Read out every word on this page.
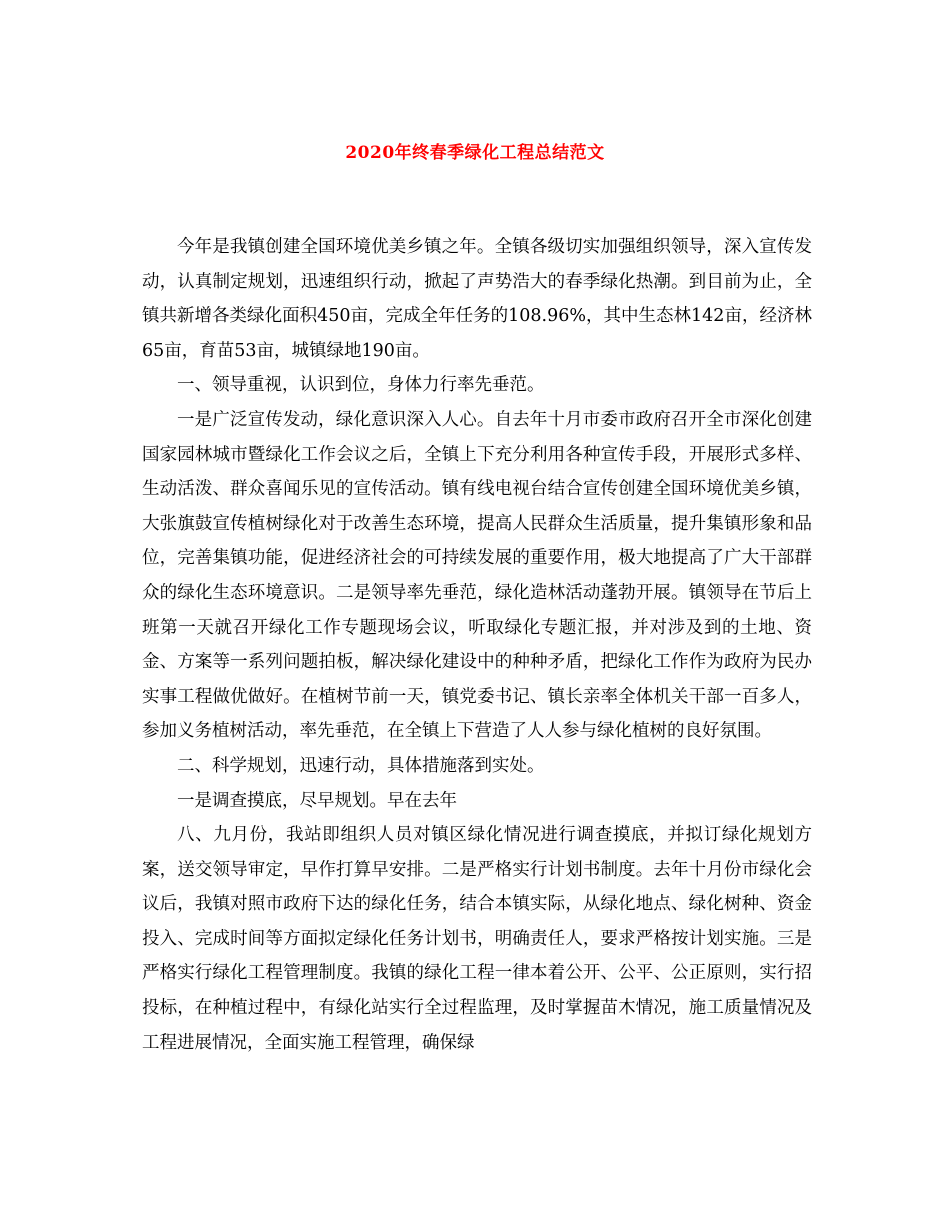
2020年终春季绿化工程总结范文

今年是我镇创建全国环境优美乡镇之年。全镇各级切实加强组织领导，深入宣传发动，认真制定规划，迅速组织行动，掀起了声势浩大的春季绿化热潮。到目前为止，全镇共新增各类绿化面积450亩，完成全年任务的108.96%，其中生态林142亩，经济林65亩，育苗53亩，城镇绿地190亩。

一、领导重视，认识到位，身体力行率先垂范。

一是广泛宣传发动，绿化意识深入人心。自去年十月市委市政府召开全市深化创建国家园林城市暨绿化工作会议之后，全镇上下充分利用各种宣传手段，开展形式多样、生动活泼、群众喜闻乐见的宣传活动。镇有线电视台结合宣传创建全国环境优美乡镇，大张旗鼓宣传植树绿化对于改善生态环境，提高人民群众生活质量，提升集镇形象和品位，完善集镇功能，促进经济社会的可持续发展的重要作用，极大地提高了广大干部群众的绿化生态环境意识。二是领导率先垂范，绿化造林活动蓬勃开展。镇领导在节后上班第一天就召开绿化工作专题现场会议，听取绿化专题汇报，并对涉及到的土地、资金、方案等一系列问题拍板，解决绿化建设中的种种矛盾，把绿化工作作为政府为民办实事工程做优做好。在植树节前一天，镇党委书记、镇长亲率全体机关干部一百多人，参加义务植树活动，率先垂范，在全镇上下营造了人人参与绿化植树的良好氛围。

二、科学规划，迅速行动，具体措施落到实处。

一是调查摸底，尽早规划。早在去年

八、九月份，我站即组织人员对镇区绿化情况进行调查摸底，并拟订绿化规划方案，送交领导审定，早作打算早安排。二是严格实行计划书制度。去年十月份市绿化会议后，我镇对照市政府下达的绿化任务，结合本镇实际，从绿化地点、绿化树种、资金投入、完成时间等方面拟定绿化任务计划书，明确责任人，要求严格按计划实施。三是严格实行绿化工程管理制度。我镇的绿化工程一律本着公开、公平、公正原则，实行招投标，在种植过程中，有绿化站实行全过程监理，及时掌握苗木情况，施工质量情况及工程进展情况，全面实施工程管理，确保绿
